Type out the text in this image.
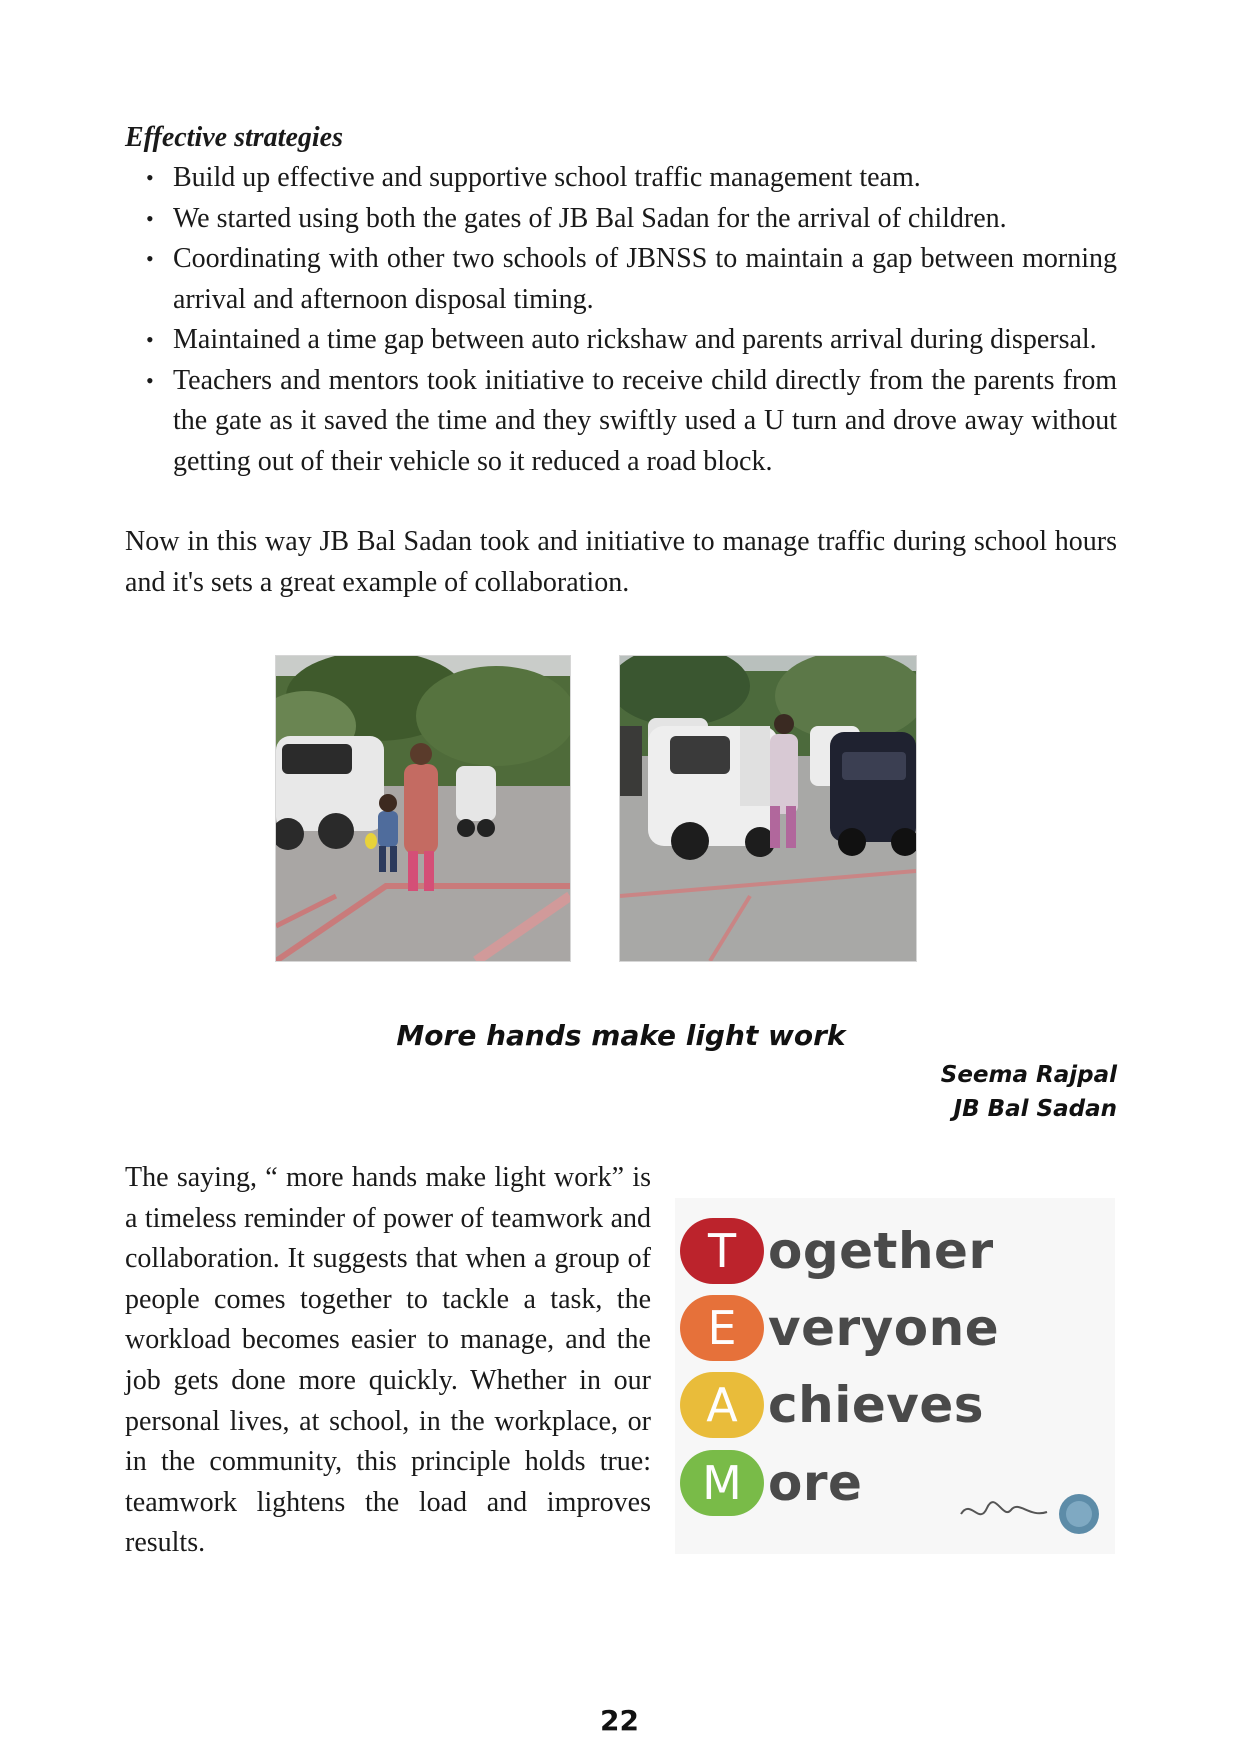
Effective strategies

• Build up effective and supportive school traffic management team.
• We started using both the gates of JB Bal Sadan for the arrival of children.
• Coordinating with other two schools of JBNSS to maintain a gap between morning arrival and afternoon disposal timing.
• Maintained a time gap between auto rickshaw and parents arrival during dispersal.
• Teachers and mentors took initiative to receive child directly from the parents from the gate as it saved the time and they swiftly used a U turn and drove away without getting out of their vehicle so it reduced a road block.

Now in this way JB Bal Sadan took and initiative to manage traffic during school hours and it's sets a great example of collaboration.

More hands make light work
Seema Rajpal
JB Bal Sadan

The saying, “ more hands make light work” is a timeless reminder of power of teamwork and collaboration. It suggests that when a group of people comes together to tackle a task, the workload becomes easier to manage, and the job gets done more quickly. Whether in our personal lives, at school, in the workplace, or in the community, this principle holds true: teamwork lightens the load and improves results.

T ogether
E veryone
A chieves
M ore
22
